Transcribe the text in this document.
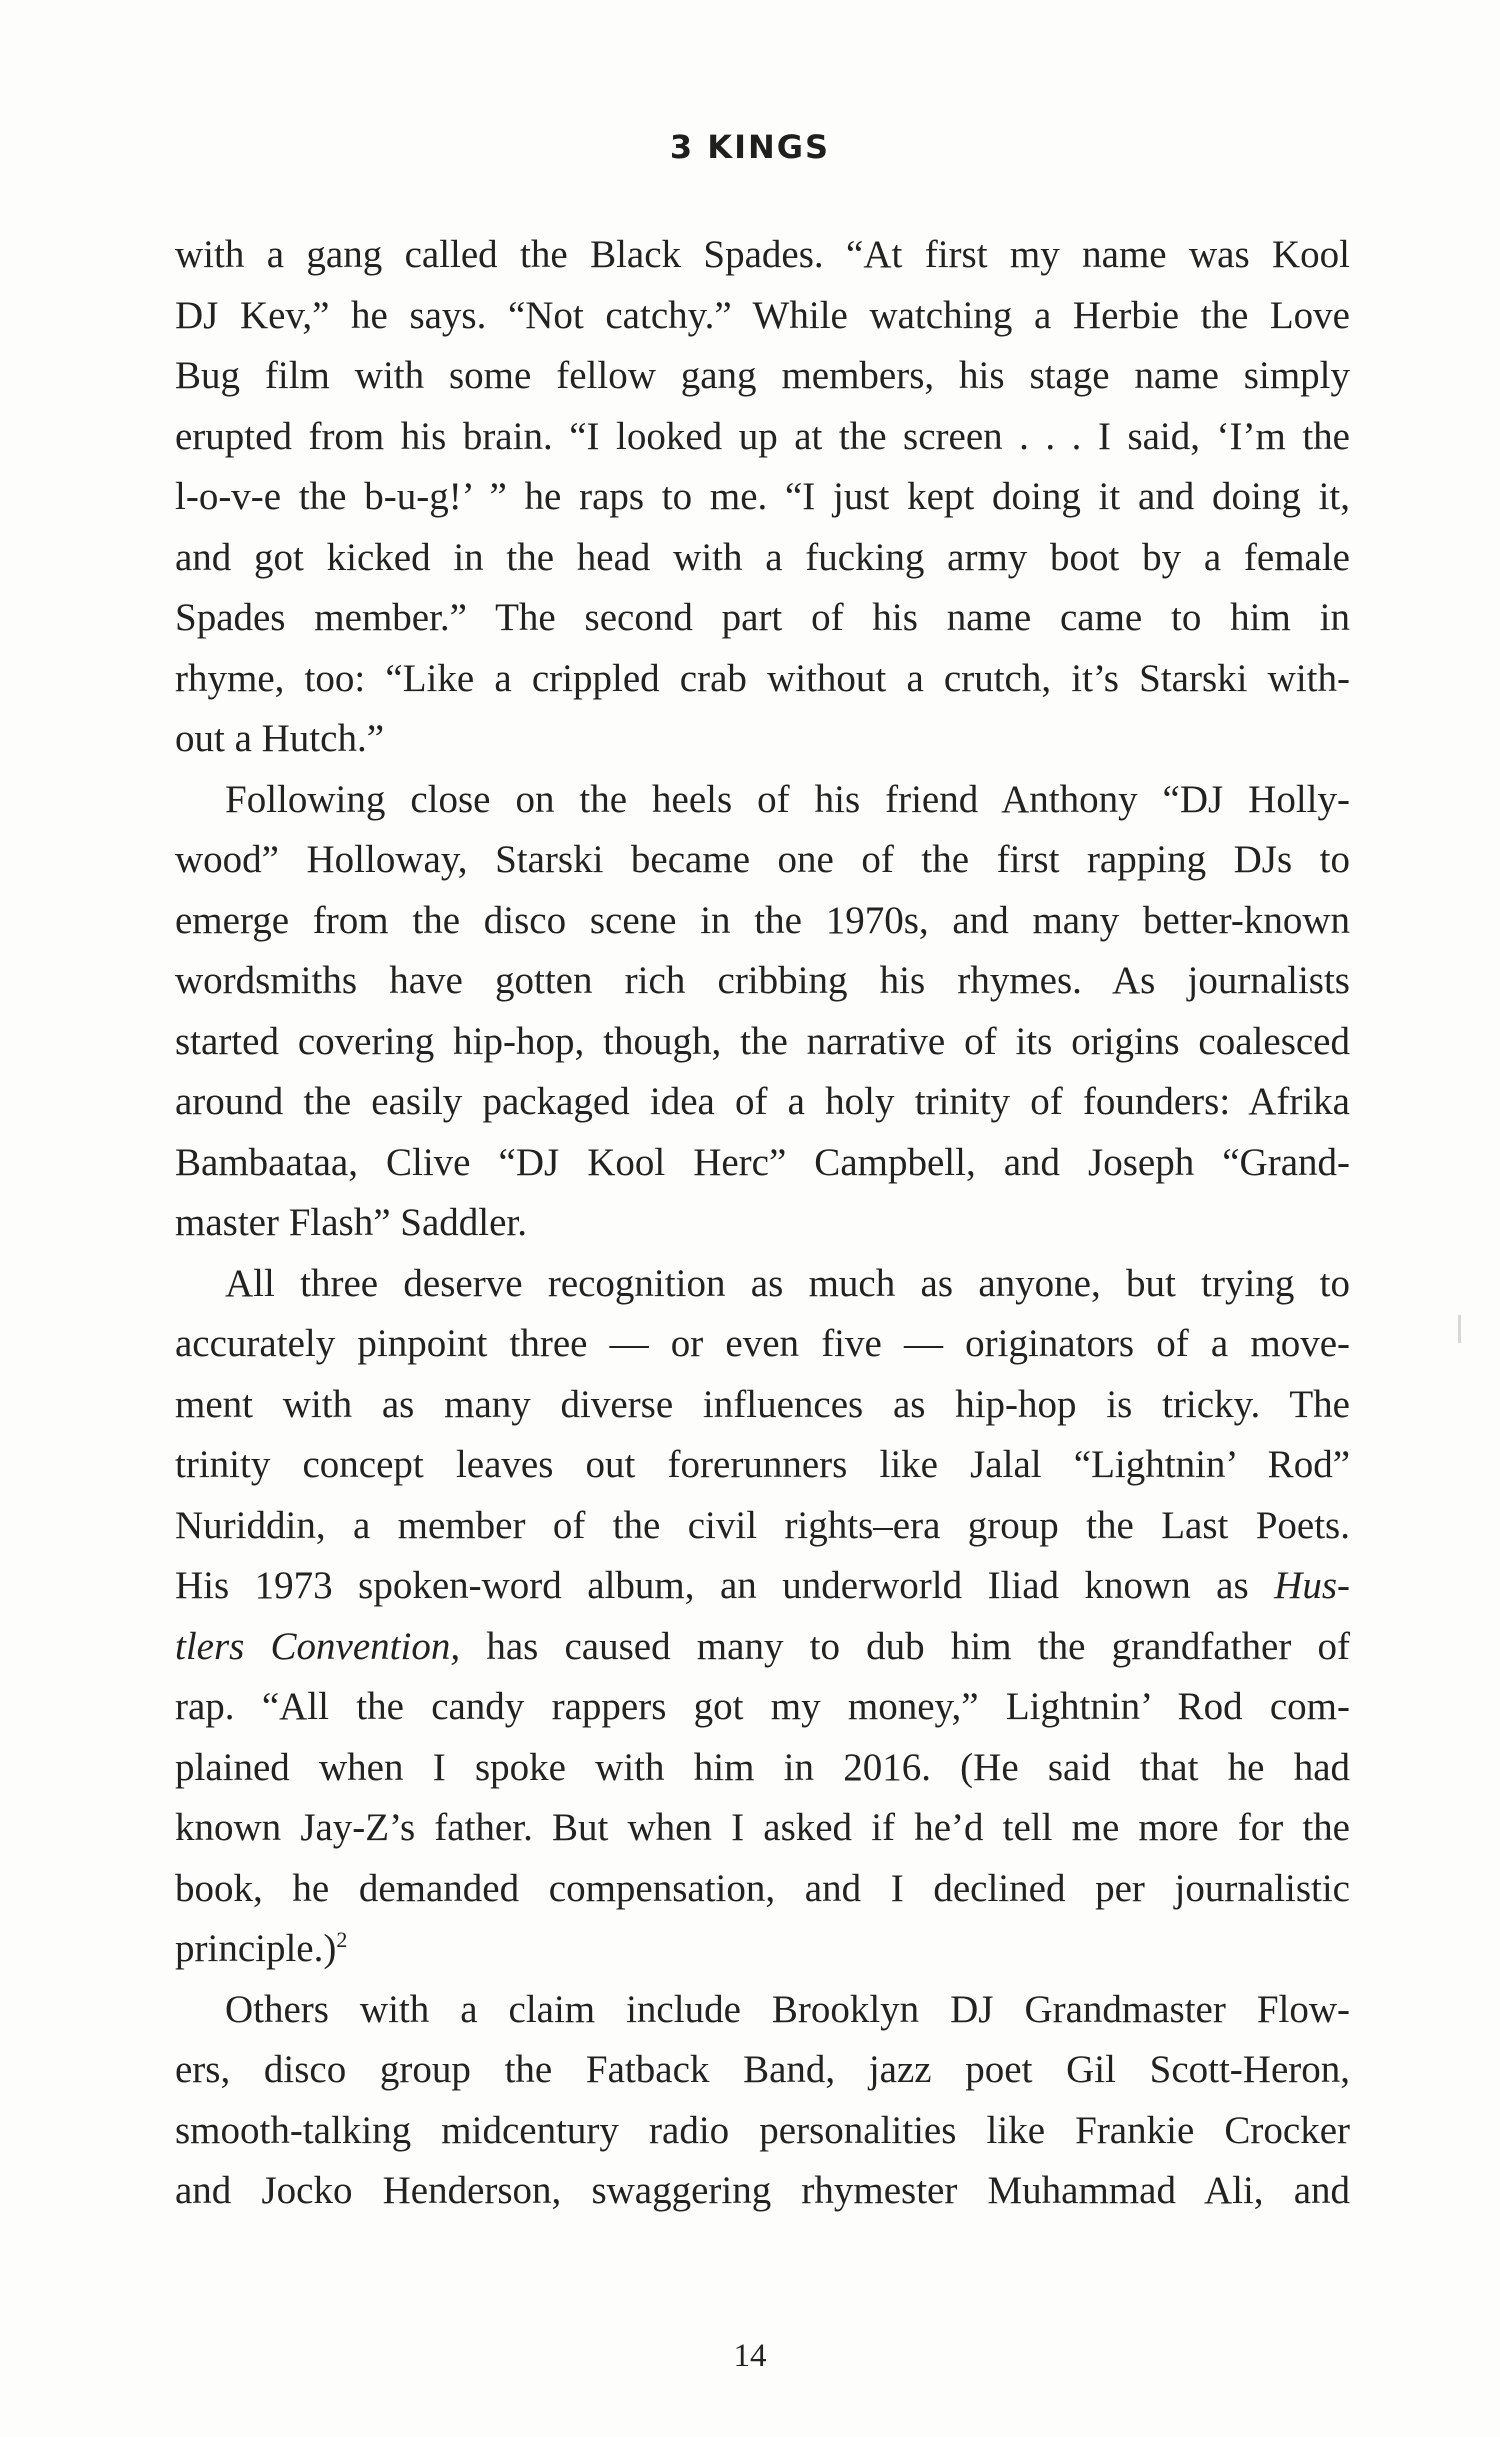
3 KINGS

with a gang called the Black Spades. “At first my name was Kool
DJ Kev,” he says. “Not catchy.” While watching a Herbie the Love
Bug film with some fellow gang members, his stage name simply
erupted from his brain. “I looked up at the screen . . . I said, ‘I’m the
l-o-v-e the b-u-g!’ ” he raps to me. “I just kept doing it and doing it,
and got kicked in the head with a fucking army boot by a female
Spades member.” The second part of his name came to him in
rhyme, too: “Like a crippled crab without a crutch, it’s Starski with-
out a Hutch.”

Following close on the heels of his friend Anthony “DJ Holly-
wood” Holloway, Starski became one of the first rapping DJs to
emerge from the disco scene in the 1970s, and many better-known
wordsmiths have gotten rich cribbing his rhymes. As journalists
started covering hip-hop, though, the narrative of its origins coalesced
around the easily packaged idea of a holy trinity of founders: Afrika
Bambaataa, Clive “DJ Kool Herc” Campbell, and Joseph “Grand-
master Flash” Saddler.

All three deserve recognition as much as anyone, but trying to
accurately pinpoint three — or even five — originators of a move-
ment with as many diverse influences as hip-hop is tricky. The
trinity concept leaves out forerunners like Jalal “Lightnin’ Rod”
Nuriddin, a member of the civil rights–era group the Last Poets.
His 1973 spoken-word album, an underworld Iliad known as Hus-
tlers Convention, has caused many to dub him the grandfather of
rap. “All the candy rappers got my money,” Lightnin’ Rod com-
plained when I spoke with him in 2016. (He said that he had
known Jay-Z’s father. But when I asked if he’d tell me more for the
book, he demanded compensation, and I declined per journalistic
principle.)$^2$

Others with a claim include Brooklyn DJ Grandmaster Flow-
ers, disco group the Fatback Band, jazz poet Gil Scott-Heron,
smooth-talking midcentury radio personalities like Frankie Crocker
and Jocko Henderson, swaggering rhymester Muhammad Ali, and

14
